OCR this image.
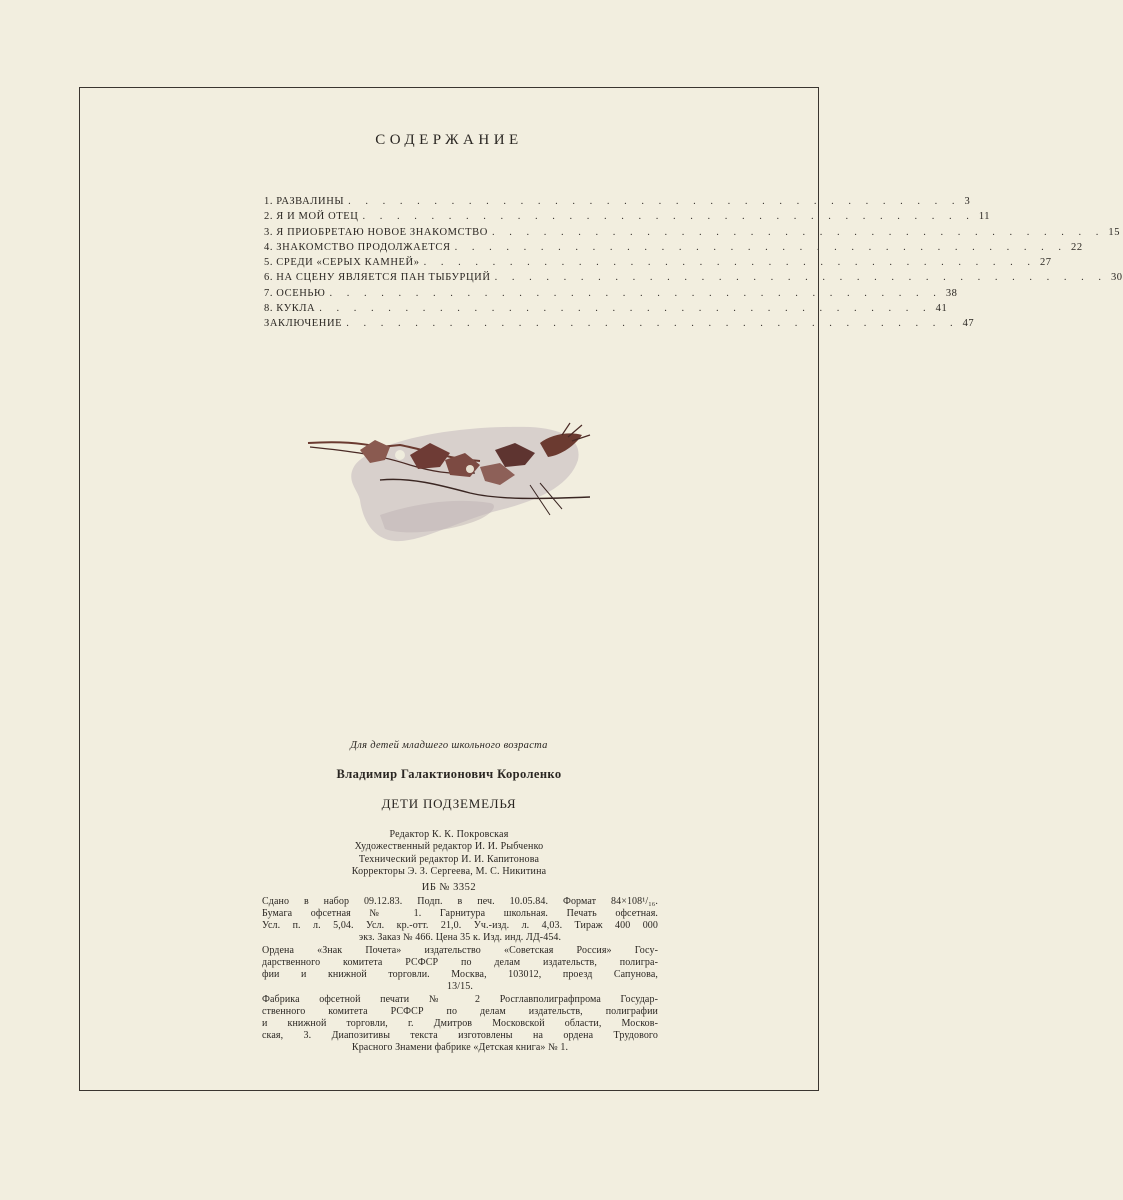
СОДЕРЖАНИЕ
1. РАЗВАЛИНЫ . . . . . . . . . . . . . . . . . . . . . . . . . . . . . . . . . . . . 3
2. Я И МОЙ ОТЕЦ . . . . . . . . . . . . . . . . . . . . . . . . . . . . . . . . . . . . 11
3. Я ПРИОБРЕТАЮ НОВОЕ ЗНАКОМСТВО . . . . . . . . . . . . . . . . . . . . . . . . . . . . . . . . . . . . 15
4. ЗНАКОМСТВО ПРОДОЛЖАЕТСЯ . . . . . . . . . . . . . . . . . . . . . . . . . . . . . . . . . . . . 22
5. СРЕДИ «СЕРЫХ КАМНЕЙ» . . . . . . . . . . . . . . . . . . . . . . . . . . . . . . . . . . . . 27
6. НА СЦЕНУ ЯВЛЯЕТСЯ ПАН ТЫБУРЦИЙ . . . . . . . . . . . . . . . . . . . . . . . . . . . . . . . . . . . . 30
7. ОСЕНЬЮ . . . . . . . . . . . . . . . . . . . . . . . . . . . . . . . . . . . . 38
8. КУКЛА . . . . . . . . . . . . . . . . . . . . . . . . . . . . . . . . . . . . 41
ЗАКЛЮЧЕНИЕ . . . . . . . . . . . . . . . . . . . . . . . . . . . . . . . . . . . . 47
Для детей младшего школьного возраста
Владимир Галактионович Короленко
ДЕТИ ПОДЗЕМЕЛЬЯ
Редактор К. К. Покровская
Художественный редактор И. И. Рыбченко
Технический редактор И. И. Капитонова
Корректоры Э. З. Сергеева, М. С. Никитина
ИБ № 3352
Сдано в набор 09.12.83. Подп. в печ. 10.05.84. Формат 84×108¹/₁₆.
Бумага офсетная № 1. Гарнитура школьная. Печать офсетная.
Усл. п. л. 5,04. Усл. кр.-отт. 21,0. Уч.-изд. л. 4,03. Тираж 400 000
экз. Заказ № 466. Цена 35 к. Изд. инд. ЛД-454.
Ордена «Знак Почета» издательство «Советская Россия» Госу-
дарственного комитета РСФСР по делам издательств, полигра-
фии и книжной торговли. Москва, 103012, проезд Сапунова,
13/15.
Фабрика офсетной печати № 2 Росглавполиграфпрома Государ-
ственного комитета РСФСР по делам издательств, полиграфии
и книжной торговли, г. Дмитров Московской области, Москов-
ская, 3. Диапозитивы текста изготовлены на ордена Трудового
Красного Знамени фабрике «Детская книга» № 1.
